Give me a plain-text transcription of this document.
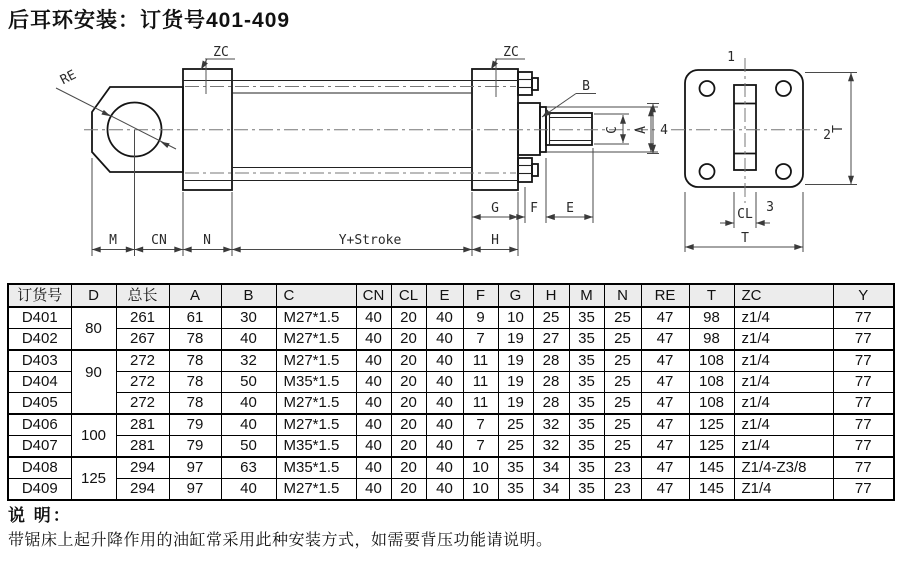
后耳环安装：订货号401-409
RE
ZC	ZC
B
C A
G F E
H
Y+Stroke
M	CN	N
1
2
3
4
CL
T
T
订货号	D	总长	A	B	C	CN	CL	E	F	G	H	M	N	RE	T	ZC	Y
D401	80	261	61	30	M27*1.5	40	20	40	9	10	25	35	25	47	98	z1/4	77
D402		267	78	40	M27*1.5	40	20	40	7	19	27	35	25	47	98	z1/4	77
D403	90	272	78	32	M27*1.5	40	20	40	11	19	28	35	25	47	108	z1/4	77
D404		272	78	50	M35*1.5	40	20	40	11	19	28	35	25	47	108	z1/4	77
D405		272	78	40	M27*1.5	40	20	40	11	19	28	35	25	47	108	z1/4	77
D406	100	281	79	40	M27*1.5	40	20	40	7	25	32	35	25	47	125	z1/4	77
D407		281	79	50	M35*1.5	40	20	40	7	25	32	35	25	47	125	z1/4	77
D408	125	294	97	63	M35*1.5	40	20	40	10	35	34	35	23	47	145	Z1/4-Z3/8	77
D409		294	97	40	M27*1.5	40	20	40	10	35	34	35	23	47	145	Z1/4	77
说 明：
带锯床上起升降作用的油缸常采用此种安装方式，如需要背压功能请说明。
